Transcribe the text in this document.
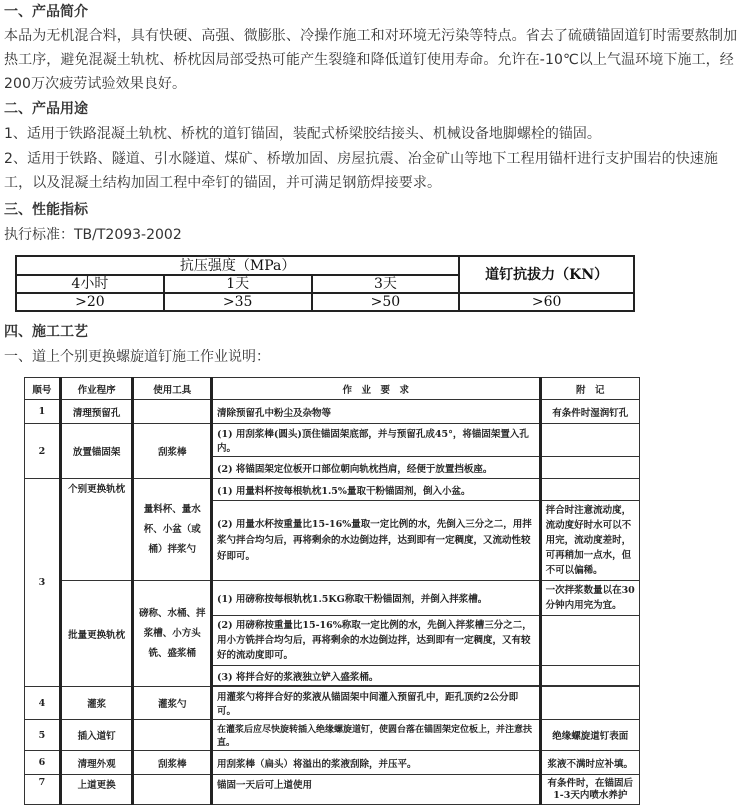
一、产品简介
本品为无机混合料，具有快硬、高强、微膨胀、冷操作施工和对环境无污染等特点。省去了硫磺锚固道钉时需要熬制加热工序，避免混凝土轨枕、桥枕因局部受热可能产生裂缝和降低道钉使用寿命。允许在-10℃以上气温环境下施工，经200万次疲劳试验效果良好。
二、产品用途
1、适用于铁路混凝土轨枕、桥枕的道钉锚固，装配式桥梁胶结接头、机械设备地脚螺栓的锚固。
2、适用于铁路、隧道、引水隧道、煤矿、桥墩加固、房屋抗震、冶金矿山等地下工程用锚杆进行支护围岩的快速施工，以及混凝土结构加固工程中牵钉的锚固，并可满足钢筋焊接要求。
三、性能指标
执行标准：TB/T2093-2002
抗压强度（MPa）			道钉抗拔力（KN）
4小时	1天	3天	
>20	>35	>50	>60
四、施工工艺
一、道上个别更换螺旋道钉施工作业说明：
顺号	作业程序	使用工具	作　业　要　求	附　记
1	清理预留孔		清除预留孔中粉尘及杂物等	有条件时湿润钉孔
2	放置锚固架	刮浆棒	(1) 用刮浆棒(圆头)顶住锚固架底部，并与预留孔成45°，将锚固架置入孔内。	
			(2) 将锚固架定位板开口部位朝向轨枕挡肩，经便于放置挡板座。	
3	个别更换轨枕	量料杯、量水杯、小盆（或桶）拌浆勺	(1) 用量料杯按每根轨枕1.5%量取干粉锚固剂，倒入小盆。	
			(2) 用量水杯按重量比15-16%量取一定比例的水，先倒入三分之二，用拌浆勺拌合均匀后，再将剩余的水边倒边拌，达到即有一定稠度，又流动性较好即可。	拌合时注意流动度，流动度好时水可以不用完，流动度差时，可再稍加一点水，但不可以偏稀。
	批量更换轨枕	磅称、水桶、拌浆槽、小方头铣、盛浆桶	(1) 用磅称按每根轨枕1.5KG称取干粉锚固剂，并倒入拌浆槽。	一次拌浆数量以在30分钟内用完为宜。
			(2) 用磅称按重量比15-16%称取一定比例的水，先倒入拌浆槽三分之二，用小方铣拌合均匀后，再将剩余的水边倒边拌，达到即有一定稠度，又有较好的流动度即可。	
			(3) 将拌合好的浆液独立铲入盛浆桶。	

4	灌浆	灌浆勺	用灌浆勺将拌合好的浆液从锚固架中间灌入预留孔中，距孔顶约2公分即可。	
5	插入道钉		在灌浆后应尽快旋转插入绝缘螺旋道钉，使圆台落在锚固架定位板上，并注意扶直。	绝缘螺旋道钉表面
6	清理外观	刮浆棒	用刮浆棒（扁头）将溢出的浆液刮除，并压平。	浆液不满时应补填。
7	上道更换		锚固一天后可上道使用	有条件时，在锚固后1-3天内喷水养护
